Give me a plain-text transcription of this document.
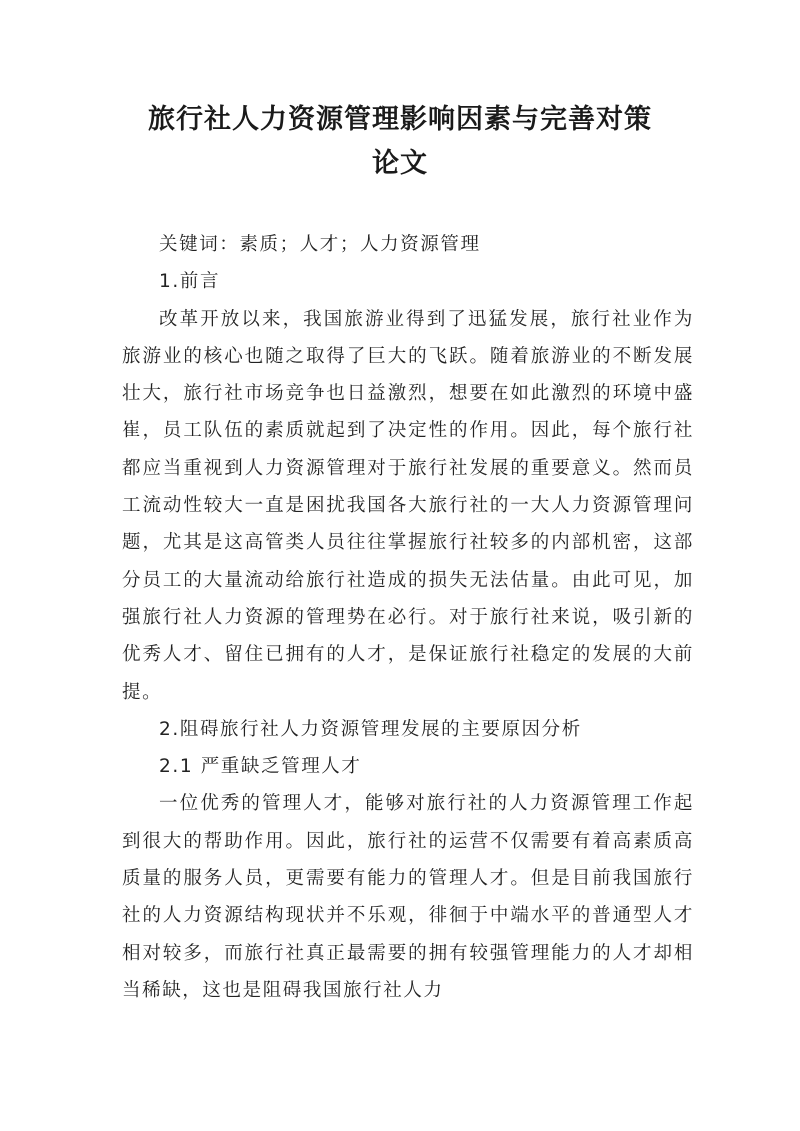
旅行社人力资源管理影响因素与完善对策
论文

关键词：素质；人才；人力资源管理

1.前言

改革开放以来，我国旅游业得到了迅猛发展，旅行社业作为旅游业的核心也随之取得了巨大的飞跃。随着旅游业的不断发展壮大，旅行社市场竞争也日益激烈，想要在如此激烈的环境中盛崔，员工队伍的素质就起到了决定性的作用。因此，每个旅行社都应当重视到人力资源管理对于旅行社发展的重要意义。然而员工流动性较大一直是困扰我国各大旅行社的一大人力资源管理问题，尤其是这高管类人员往往掌握旅行社较多的内部机密，这部分员工的大量流动给旅行社造成的损失无法估量。由此可见，加强旅行社人力资源的管理势在必行。对于旅行社来说，吸引新的优秀人才、留住已拥有的人才，是保证旅行社稳定的发展的大前提。

2.阻碍旅行社人力资源管理发展的主要原因分析

2.1 严重缺乏管理人才

一位优秀的管理人才，能够对旅行社的人力资源管理工作起到很大的帮助作用。因此，旅行社的运营不仅需要有着高素质高质量的服务人员，更需要有能力的管理人才。但是目前我国旅行社的人力资源结构现状并不乐观，徘徊于中端水平的普通型人才相对较多，而旅行社真正最需要的拥有较强管理能力的人才却相当稀缺，这也是阻碍我国旅行社人力
